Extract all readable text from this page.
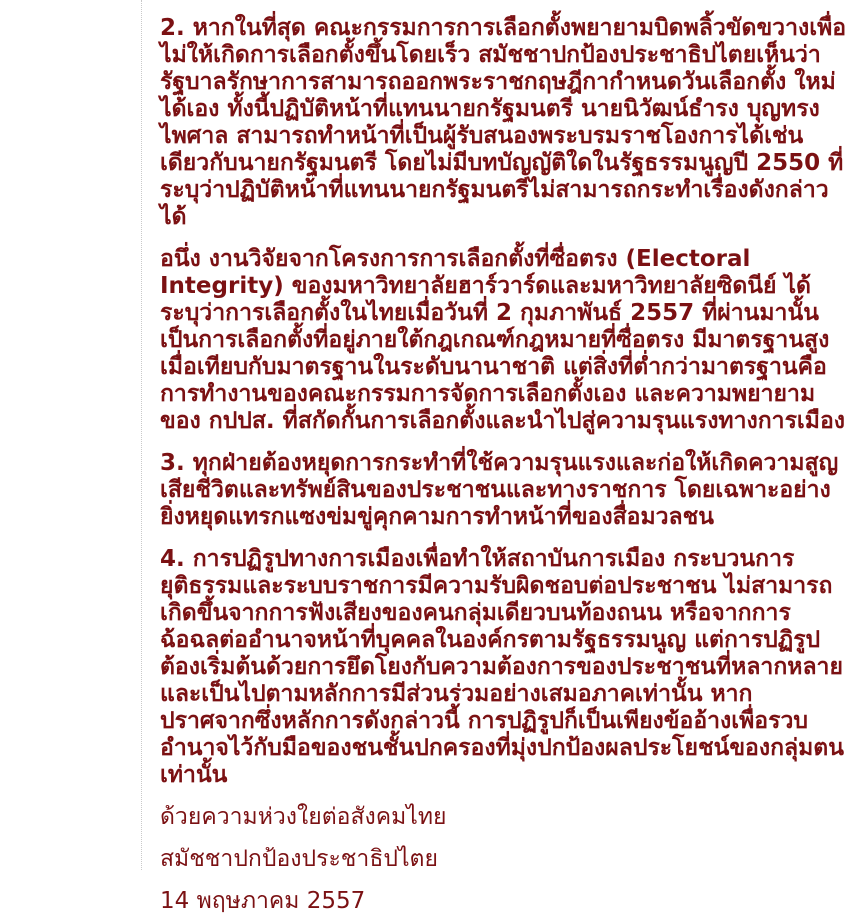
2. หากในที่สุด คณะกรรมการการเลือกตั้งพยายามบิดพลิ้วขัดขวางเพื่อไม่ให้เกิดการเลือกตั้งขึ้นโดยเร็ว สมัชชาปกป้องประชาธิปไตยเห็นว่ารัฐบาลรักษาการสามารถออกพระราชกฤษฎีกากำหนดวันเลือกตั้ง ใหม่ได้เอง ทั้งนี้ปฏิบัติหน้าที่แทนนายกรัฐมนตรี นายนิวัฒน์ธำรง บุญทรงไพศาล สามารถทำหน้าที่เป็นผู้รับสนองพระบรมราชโองการได้เช่นเดียวกับนายกรัฐมนตรี โดยไม่มีบทบัญญัติใดในรัฐธรรมนูญปี 2550 ที่ระบุว่าปฏิบัติหน้าที่แทนนายกรัฐมนตรีไม่สามารถกระทำเรื่องดังกล่าวได้

อนึ่ง งานวิจัยจากโครงการการเลือกตั้งที่ซื่อตรง (Electoral Integrity) ของมหาวิทยาลัยฮาร์วาร์ดและมหาวิทยาลัยซิดนีย์ ได้ระบุว่าการเลือกตั้งในไทยเมื่อวันที่ 2 กุมภาพันธ์ 2557 ที่ผ่านมานั้นเป็นการเลือกตั้งที่อยู่ภายใต้กฎเกณฑ์กฎหมายที่ซื่อตรง มีมาตรฐานสูงเมื่อเทียบกับมาตรฐานในระดับนานาชาติ แต่สิ่งที่ต่ำกว่ามาตรฐานคือการทำงานของคณะกรรมการจัดการเลือกตั้งเอง และความพยายามของ กปปส. ที่สกัดกั้นการเลือกตั้งและนำไปสู่ความรุนแรงทางการเมือง

3. ทุกฝ่ายต้องหยุดการกระทำที่ใช้ความรุนแรงและก่อให้เกิดความสูญเสียชีวิตและทรัพย์สินของประชาชนและทางราชการ โดยเฉพาะอย่างยิ่งหยุดแทรกแซงข่มขู่คุกคามการทำหน้าที่ของสื่อมวลชน

4. การปฏิรูปทางการเมืองเพื่อทำให้สถาบันการเมือง กระบวนการยุติธรรมและระบบราชการมีความรับผิดชอบต่อประชาชน ไม่สามารถเกิดขึ้นจากการฟังเสียงของคนกลุ่มเดียวบนท้องถนน หรือจากการฉ้อฉลต่ออำนาจหน้าที่บุคคลในองค์กรตามรัฐธรรมนูญ แต่การปฏิรูปต้องเริ่มต้นด้วยการยึดโยงกับความต้องการของประชาชนที่หลากหลายและเป็นไปตามหลักการมีส่วนร่วมอย่างเสมอภาคเท่านั้น หากปราศจากซึ่งหลักการดังกล่าวนี้ การปฏิรูปก็เป็นเพียงข้ออ้างเพื่อรวบอำนาจไว้กับมือของชนชั้นปกครองที่มุ่งปกป้องผลประโยชน์ของกลุ่มตนเท่านั้น

ด้วยความห่วงใยต่อสังคมไทย

สมัชชาปกป้องประชาธิปไตย

14 พฤษภาคม 2557
